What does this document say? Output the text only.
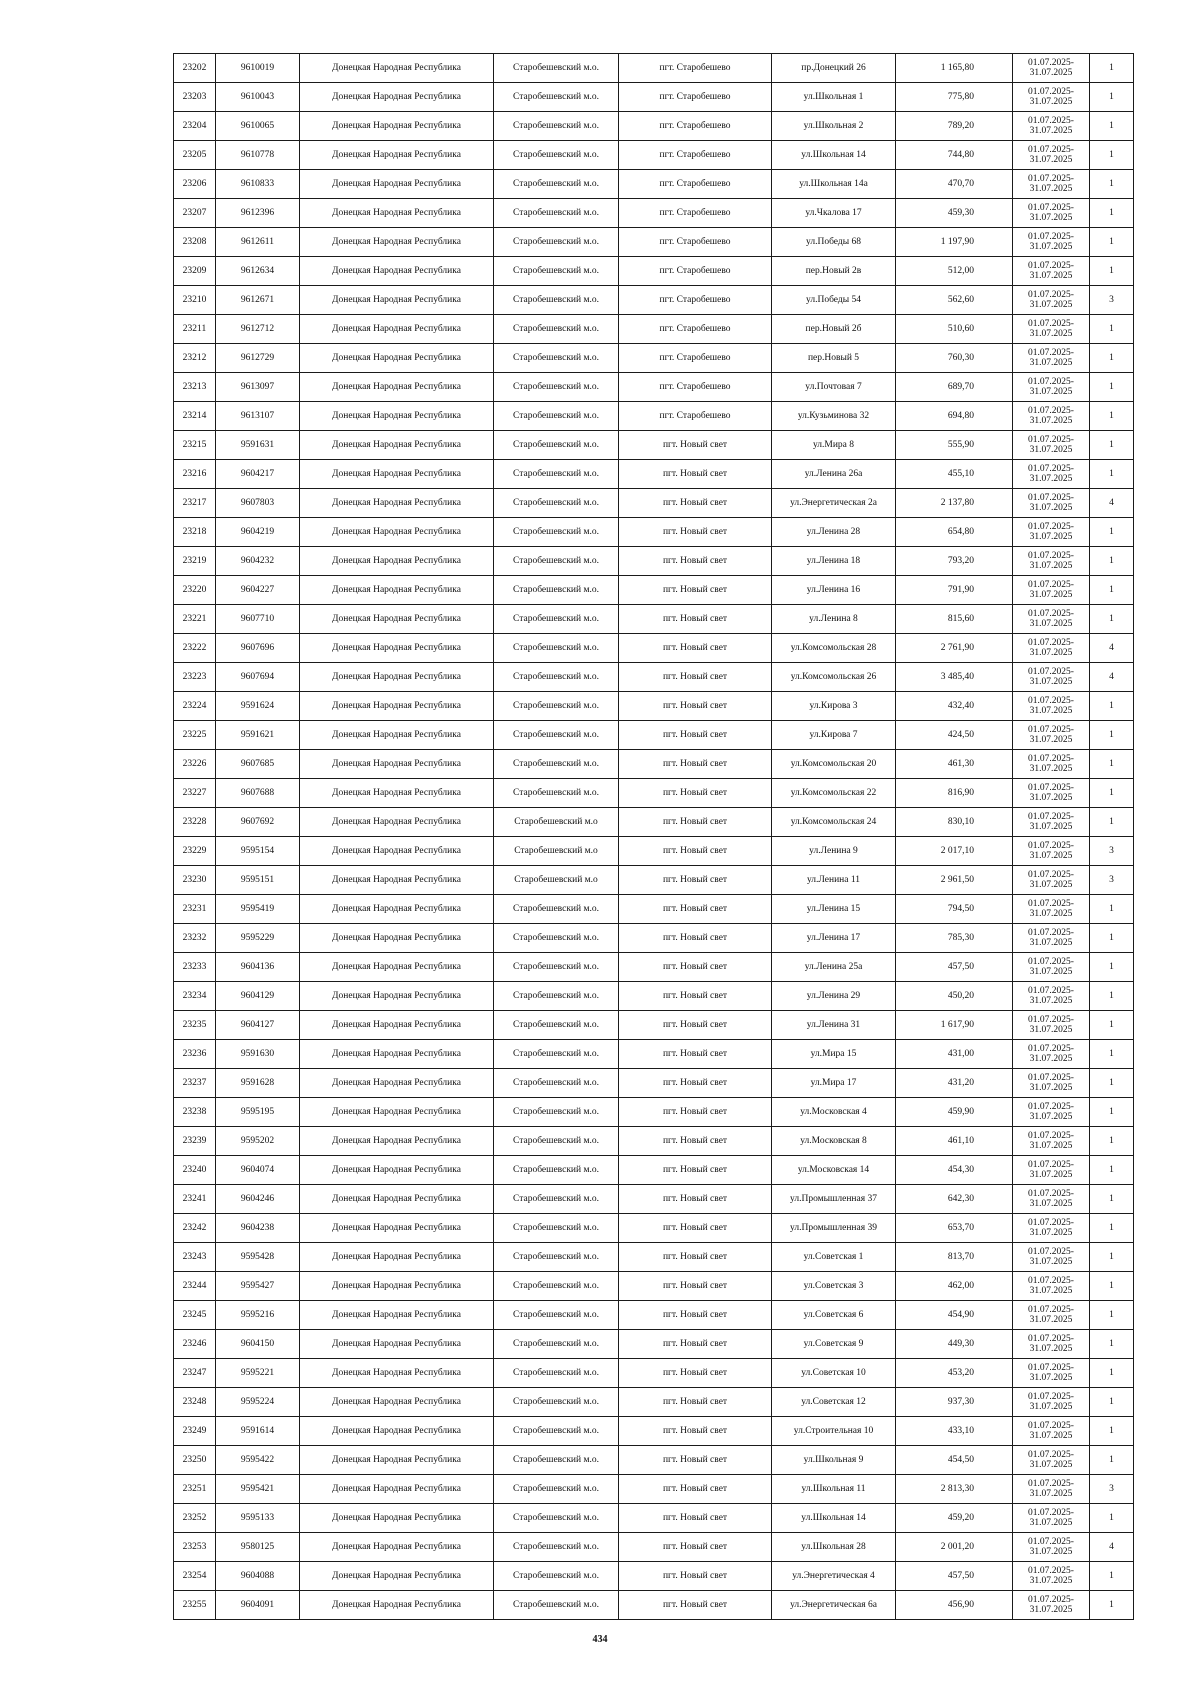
23202	9610019	Донецкая Народная Республика	Старобешевский м.о.	пгт. Старобешево	пр.Донецкий 26	1 165,80	01.07.2025-
31.07.2025	1
23203	9610043	Донецкая Народная Республика	Старобешевский м.о.	пгт. Старобешево	ул.Школьная 1	775,80	01.07.2025-
31.07.2025	1
23204	9610065	Донецкая Народная Республика	Старобешевский м.о.	пгт. Старобешево	ул.Школьная 2	789,20	01.07.2025-
31.07.2025	1
23205	9610778	Донецкая Народная Республика	Старобешевский м.о.	пгт. Старобешево	ул.Школьная 14	744,80	01.07.2025-
31.07.2025	1
23206	9610833	Донецкая Народная Республика	Старобешевский м.о.	пгт. Старобешево	ул.Школьная 14а	470,70	01.07.2025-
31.07.2025	1
23207	9612396	Донецкая Народная Республика	Старобешевский м.о.	пгт. Старобешево	ул.Чкалова 17	459,30	01.07.2025-
31.07.2025	1
23208	9612611	Донецкая Народная Республика	Старобешевский м.о.	пгт. Старобешево	ул.Победы 68	1 197,90	01.07.2025-
31.07.2025	1
23209	9612634	Донецкая Народная Республика	Старобешевский м.о.	пгт. Старобешево	пер.Новый 2в	512,00	01.07.2025-
31.07.2025	1
23210	9612671	Донецкая Народная Республика	Старобешевский м.о.	пгт. Старобешево	ул.Победы 54	562,60	01.07.2025-
31.07.2025	3
23211	9612712	Донецкая Народная Республика	Старобешевский м.о.	пгт. Старобешево	пер.Новый 2б	510,60	01.07.2025-
31.07.2025	1
23212	9612729	Донецкая Народная Республика	Старобешевский м.о.	пгт. Старобешево	пер.Новый 5	760,30	01.07.2025-
31.07.2025	1
23213	9613097	Донецкая Народная Республика	Старобешевский м.о.	пгт. Старобешево	ул.Почтовая 7	689,70	01.07.2025-
31.07.2025	1
23214	9613107	Донецкая Народная Республика	Старобешевский м.о.	пгт. Старобешево	ул.Кузьминова 32	694,80	01.07.2025-
31.07.2025	1
23215	9591631	Донецкая Народная Республика	Старобешевский м.о.	пгт. Новый свет	ул.Мира 8	555,90	01.07.2025-
31.07.2025	1
23216	9604217	Донецкая Народная Республика	Старобешевский м.о.	пгт. Новый свет	ул.Ленина 26а	455,10	01.07.2025-
31.07.2025	1
23217	9607803	Донецкая Народная Республика	Старобешевский м.о.	пгт. Новый свет	ул.Энергетическая 2а	2 137,80	01.07.2025-
31.07.2025	4
23218	9604219	Донецкая Народная Республика	Старобешевский м.о.	пгт. Новый свет	ул.Ленина 28	654,80	01.07.2025-
31.07.2025	1
23219	9604232	Донецкая Народная Республика	Старобешевский м.о.	пгт. Новый свет	ул.Ленина 18	793,20	01.07.2025-
31.07.2025	1
23220	9604227	Донецкая Народная Республика	Старобешевский м.о.	пгт. Новый свет	ул.Ленина 16	791,90	01.07.2025-
31.07.2025	1
23221	9607710	Донецкая Народная Республика	Старобешевский м.о.	пгт. Новый свет	ул.Ленина 8	815,60	01.07.2025-
31.07.2025	1
23222	9607696	Донецкая Народная Республика	Старобешевский м.о.	пгт. Новый свет	ул.Комсомольская 28	2 761,90	01.07.2025-
31.07.2025	4
23223	9607694	Донецкая Народная Республика	Старобешевский м.о.	пгт. Новый свет	ул.Комсомольская 26	3 485,40	01.07.2025-
31.07.2025	4
23224	9591624	Донецкая Народная Республика	Старобешевский м.о.	пгт. Новый свет	ул.Кирова 3	432,40	01.07.2025-
31.07.2025	1
23225	9591621	Донецкая Народная Республика	Старобешевский м.о.	пгт. Новый свет	ул.Кирова 7	424,50	01.07.2025-
31.07.2025	1
23226	9607685	Донецкая Народная Республика	Старобешевский м.о.	пгт. Новый свет	ул.Комсомольская 20	461,30	01.07.2025-
31.07.2025	1
23227	9607688	Донецкая Народная Республика	Старобешевский м.о.	пгт. Новый свет	ул.Комсомольская 22	816,90	01.07.2025-
31.07.2025	1
23228	9607692	Донецкая Народная Республика	Старобешевский м.о	пгт. Новый свет	ул.Комсомольская 24	830,10	01.07.2025-
31.07.2025	1
23229	9595154	Донецкая Народная Республика	Старобешевский м.о	пгт. Новый свет	ул.Ленина 9	2 017,10	01.07.2025-
31.07.2025	3
23230	9595151	Донецкая Народная Республика	Старобешевский м.о	пгт. Новый свет	ул.Ленина 11	2 961,50	01.07.2025-
31.07.2025	3
23231	9595419	Донецкая Народная Республика	Старобешевский м.о.	пгт. Новый свет	ул.Ленина 15	794,50	01.07.2025-
31.07.2025	1
23232	9595229	Донецкая Народная Республика	Старобешевский м.о.	пгт. Новый свет	ул.Ленина 17	785,30	01.07.2025-
31.07.2025	1
23233	9604136	Донецкая Народная Республика	Старобешевский м.о.	пгт. Новый свет	ул.Ленина 25а	457,50	01.07.2025-
31.07.2025	1
23234	9604129	Донецкая Народная Республика	Старобешевский м.о.	пгт. Новый свет	ул.Ленина 29	450,20	01.07.2025-
31.07.2025	1
23235	9604127	Донецкая Народная Республика	Старобешевский м.о.	пгт. Новый свет	ул.Ленина 31	1 617,90	01.07.2025-
31.07.2025	1
23236	9591630	Донецкая Народная Республика	Старобешевский м.о.	пгт. Новый свет	ул.Мира 15	431,00	01.07.2025-
31.07.2025	1
23237	9591628	Донецкая Народная Республика	Старобешевский м.о.	пгт. Новый свет	ул.Мира 17	431,20	01.07.2025-
31.07.2025	1
23238	9595195	Донецкая Народная Республика	Старобешевский м.о.	пгт. Новый свет	ул.Московская 4	459,90	01.07.2025-
31.07.2025	1
23239	9595202	Донецкая Народная Республика	Старобешевский м.о.	пгт. Новый свет	ул.Московская 8	461,10	01.07.2025-
31.07.2025	1
23240	9604074	Донецкая Народная Республика	Старобешевский м.о.	пгт. Новый свет	ул.Московская 14	454,30	01.07.2025-
31.07.2025	1
23241	9604246	Донецкая Народная Республика	Старобешевский м.о.	пгт. Новый свет	ул.Промышленная 37	642,30	01.07.2025-
31.07.2025	1
23242	9604238	Донецкая Народная Республика	Старобешевский м.о.	пгт. Новый свет	ул.Промышленная 39	653,70	01.07.2025-
31.07.2025	1
23243	9595428	Донецкая Народная Республика	Старобешевский м.о.	пгт. Новый свет	ул.Советская 1	813,70	01.07.2025-
31.07.2025	1
23244	9595427	Донецкая Народная Республика	Старобешевский м.о.	пгт. Новый свет	ул.Советская 3	462,00	01.07.2025-
31.07.2025	1
23245	9595216	Донецкая Народная Республика	Старобешевский м.о.	пгт. Новый свет	ул.Советская 6	454,90	01.07.2025-
31.07.2025	1
23246	9604150	Донецкая Народная Республика	Старобешевский м.о.	пгт. Новый свет	ул.Советская 9	449,30	01.07.2025-
31.07.2025	1
23247	9595221	Донецкая Народная Республика	Старобешевский м.о.	пгт. Новый свет	ул.Советская 10	453,20	01.07.2025-
31.07.2025	1
23248	9595224	Донецкая Народная Республика	Старобешевский м.о.	пгт. Новый свет	ул.Советская 12	937,30	01.07.2025-
31.07.2025	1
23249	9591614	Донецкая Народная Республика	Старобешевский м.о.	пгт. Новый свет	ул.Строительная 10	433,10	01.07.2025-
31.07.2025	1
23250	9595422	Донецкая Народная Республика	Старобешевский м.о.	пгт. Новый свет	ул.Школьная 9	454,50	01.07.2025-
31.07.2025	1
23251	9595421	Донецкая Народная Республика	Старобешевский м.о.	пгт. Новый свет	ул.Школьная 11	2 813,30	01.07.2025-
31.07.2025	3
23252	9595133	Донецкая Народная Республика	Старобешевский м.о.	пгт. Новый свет	ул.Школьная 14	459,20	01.07.2025-
31.07.2025	1
23253	9580125	Донецкая Народная Республика	Старобешевский м.о.	пгт. Новый свет	ул.Школьная 28	2 001,20	01.07.2025-
31.07.2025	4
23254	9604088	Донецкая Народная Республика	Старобешевский м.о.	пгт. Новый свет	ул.Энергетическая 4	457,50	01.07.2025-
31.07.2025	1
23255	9604091	Донецкая Народная Республика	Старобешевский м.о.	пгт. Новый свет	ул.Энергетическая 6а	456,90	01.07.2025-
31.07.2025	1
434
